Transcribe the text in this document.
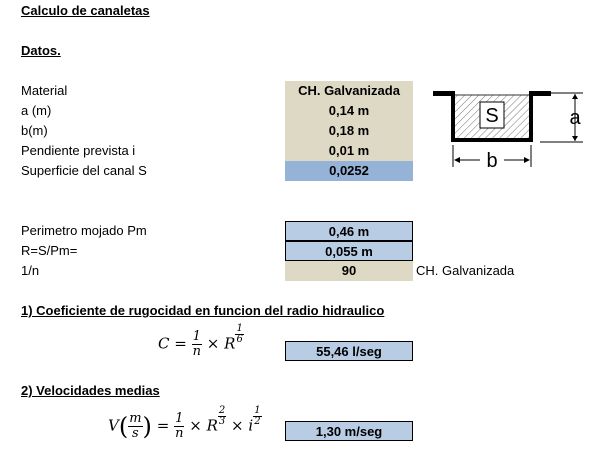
Calculo de canaletas
Datos.
Material
a (m)
b(m)
Pendiente prevista i
Superficie del canal S
CH. Galvanizada
0,14 m
0,18 m
0,01 m
0,0252
S	a
b
Perimetro mojado Pm
R=S/Pm=
1/n
0,46 m
0,055 m
90	CH. Galvanizada
1) Coeficiente de rugocidad en funcion del radio hidraulico
$C = \frac{1}{n} \times R \frac{1}{6}$
55,46 l/seg
2) Velocidades medias
$V( \frac{m}{s}$ ) = $\frac{1}{n} \times R \frac{2}{3} \times i \frac{1}{2}$
1,30 m/seg
